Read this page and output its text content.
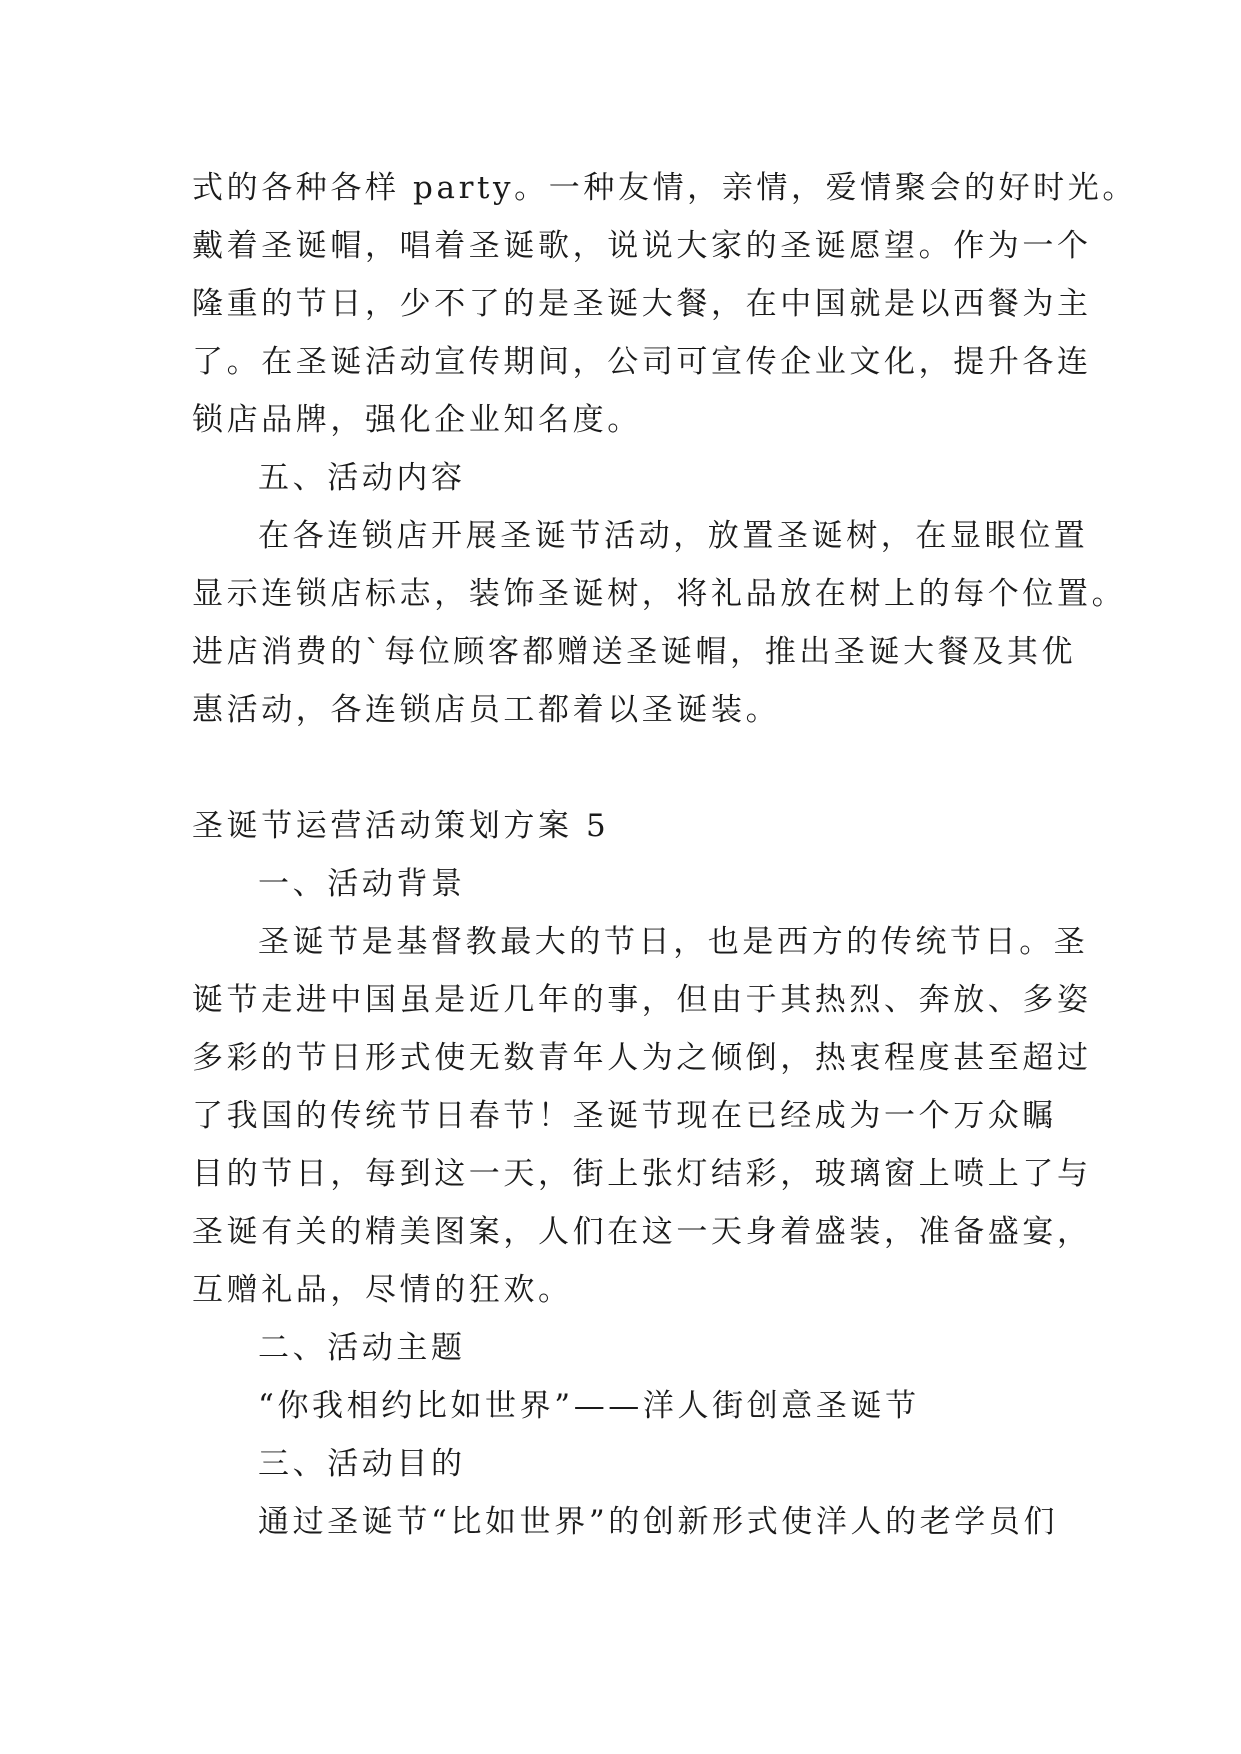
式的各种各样 party。一种友情，亲情，爱情聚会的好时光。
戴着圣诞帽，唱着圣诞歌，说说大家的圣诞愿望。作为一个
隆重的节日，少不了的是圣诞大餐，在中国就是以西餐为主
了。在圣诞活动宣传期间，公司可宣传企业文化，提升各连
锁店品牌，强化企业知名度。
五、活动内容
在各连锁店开展圣诞节活动，放置圣诞树，在显眼位置
显示连锁店标志，装饰圣诞树，将礼品放在树上的每个位置。
进店消费的`每位顾客都赠送圣诞帽，推出圣诞大餐及其优
惠活动，各连锁店员工都着以圣诞装。
圣诞节运营活动策划方案 5
一、活动背景
圣诞节是基督教最大的节日，也是西方的传统节日。圣
诞节走进中国虽是近几年的事，但由于其热烈、奔放、多姿
多彩的节日形式使无数青年人为之倾倒，热衷程度甚至超过
了我国的传统节日春节！圣诞节现在已经成为一个万众瞩
目的节日，每到这一天，街上张灯结彩，玻璃窗上喷上了与
圣诞有关的精美图案，人们在这一天身着盛装，准备盛宴，
互赠礼品，尽情的狂欢。
二、活动主题
“你我相约比如世界”——洋人街创意圣诞节
三、活动目的
通过圣诞节“比如世界”的创新形式使洋人的老学员们
